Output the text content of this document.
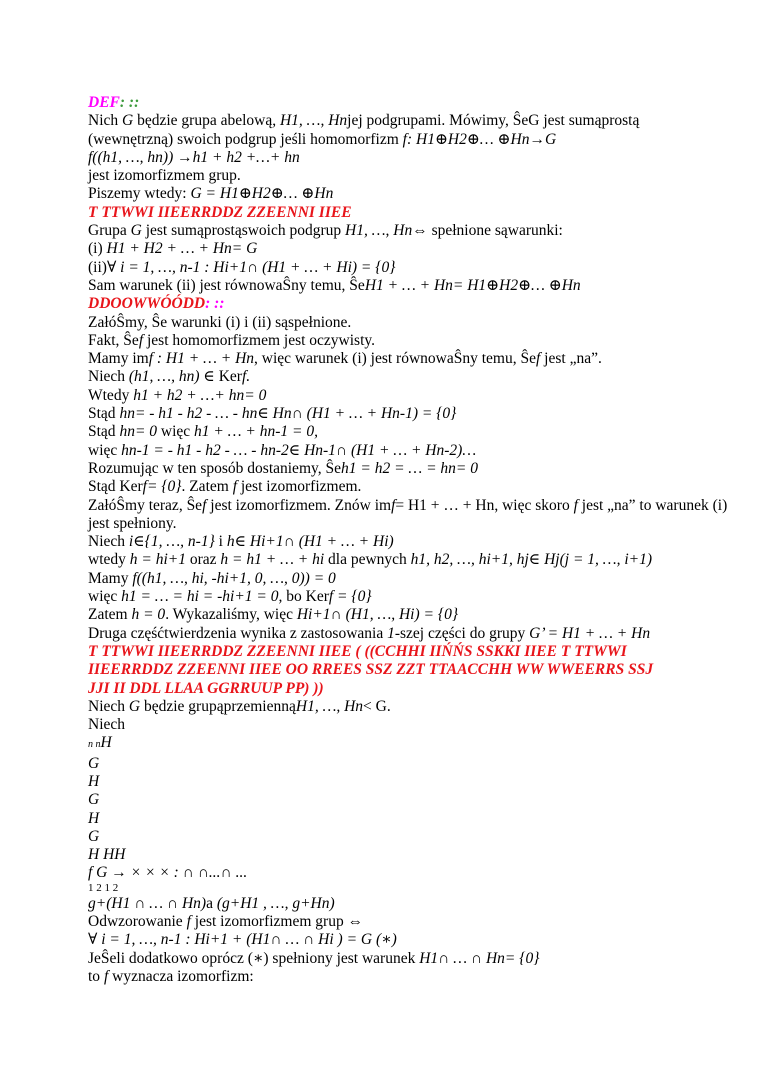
DEF: ::
Nich G będzie grupa abelową, H1, …, Hnjej podgrupami. Mówimy, ŜeG jest sumąprostą (wewnętrzną) swoich podgrup jeśli homomorfizm f: H1⊕H2⊕… ⊕Hn→G
f((h1, …, hn)) →h1 + h2 +…+ hn
jest izomorfizmem grup.
Piszemy wtedy: G = H1⊕H2⊕… ⊕Hn
T TTWWI IIEERRDDZ ZZEENNI IIEE
Grupa G jest sumąprostąswoich podgrup H1, …, Hn⇔ spełnione sąwarunki:
(i) H1 + H2 + … + Hn= G
(ii)∀ i = 1, …, n-1 : Hi+1∩ (H1 + … + Hi) = {0}
Sam warunek (ii) jest równowaŜny temu, ŜeH1 + … + Hn= H1⊕H2⊕… ⊕Hn
DDOOWWÓÓDD: ::
ZałóŜmy, Ŝe warunki (i) i (ii) sąspełnione.
Fakt, Ŝef jest homomorfizmem jest oczywisty.
Mamy imf : H1 + … + Hn, więc warunek (i) jest równowaŜny temu, Ŝef jest „na”.
Niech (h1, …, hn) ∈ Kerf.
Wtedy h1 + h2 + …+ hn= 0
Stąd hn= - h1 - h2 - … - hn∈ Hn∩ (H1 + … + Hn-1) = {0}
Stąd hn= 0 więc h1 + … + hn-1 = 0,
więc hn-1 = - h1 - h2 - … - hn-2∈ Hn-1∩ (H1 + … + Hn-2)…
Rozumując w ten sposób dostaniemy, Ŝeh1 = h2 = … = hn= 0
Stąd Kerf= {0}. Zatem f jest izomorfizmem.
ZałóŜmy teraz, Ŝef jest izomorfizmem. Znów imf= H1 + … + Hn, więc skoro f jest „na” to warunek (i) jest spełniony.
Niech i∈{1, …, n-1} i h∈ Hi+1∩ (H1 + … + Hi)
wtedy h = hi+1 oraz h = h1 + … + hi dla pewnych h1, h2, …, hi+1, hj∈ Hj(j = 1, …, i+1)
Mamy f((h1, …, hi, -hi+1, 0, …, 0)) = 0
więc h1 = … = hi = -hi+1 = 0, bo Kerf = {0}
Zatem h = 0. Wykazaliśmy, więc Hi+1∩ (H1, …, Hi) = {0}
Druga częśćtwierdzenia wynika z zastosowania 1-szej części do grupy G’ = H1 + … + Hn
T TTWWI IIEERRDDZ ZZEENNI IIEE ( ((CCHHI IIŃŃS SSKKI IIEE T TTWWI
IIEERRDDZ ZZEENNI IIEE OO RREES SSZ ZZT TTAACCHH WW WWEERRS SSJ
JJI II DDL LLAA GGRRUUP PP) ))
Niech G będzie grupąprzemiennąH1, …, Hn< G.
Niech
n nH
G
H
G
H
G
H HH
f G → × × × : ∩ ∩...∩ ...
1 2 1 2
g+(H1 ∩ … ∩ Hn)a (g+H1 , …, g+Hn)
Odwzorowanie f jest izomorfizmem grup ⇔
∀ i = 1, …, n-1 : Hi+1 + (H1∩ … ∩ Hi ) = G (∗)
JeŜeli dodatkowo oprócz (∗) spełniony jest warunek H1∩ … ∩ Hn= {0}
to f wyznacza izomorfizm:
